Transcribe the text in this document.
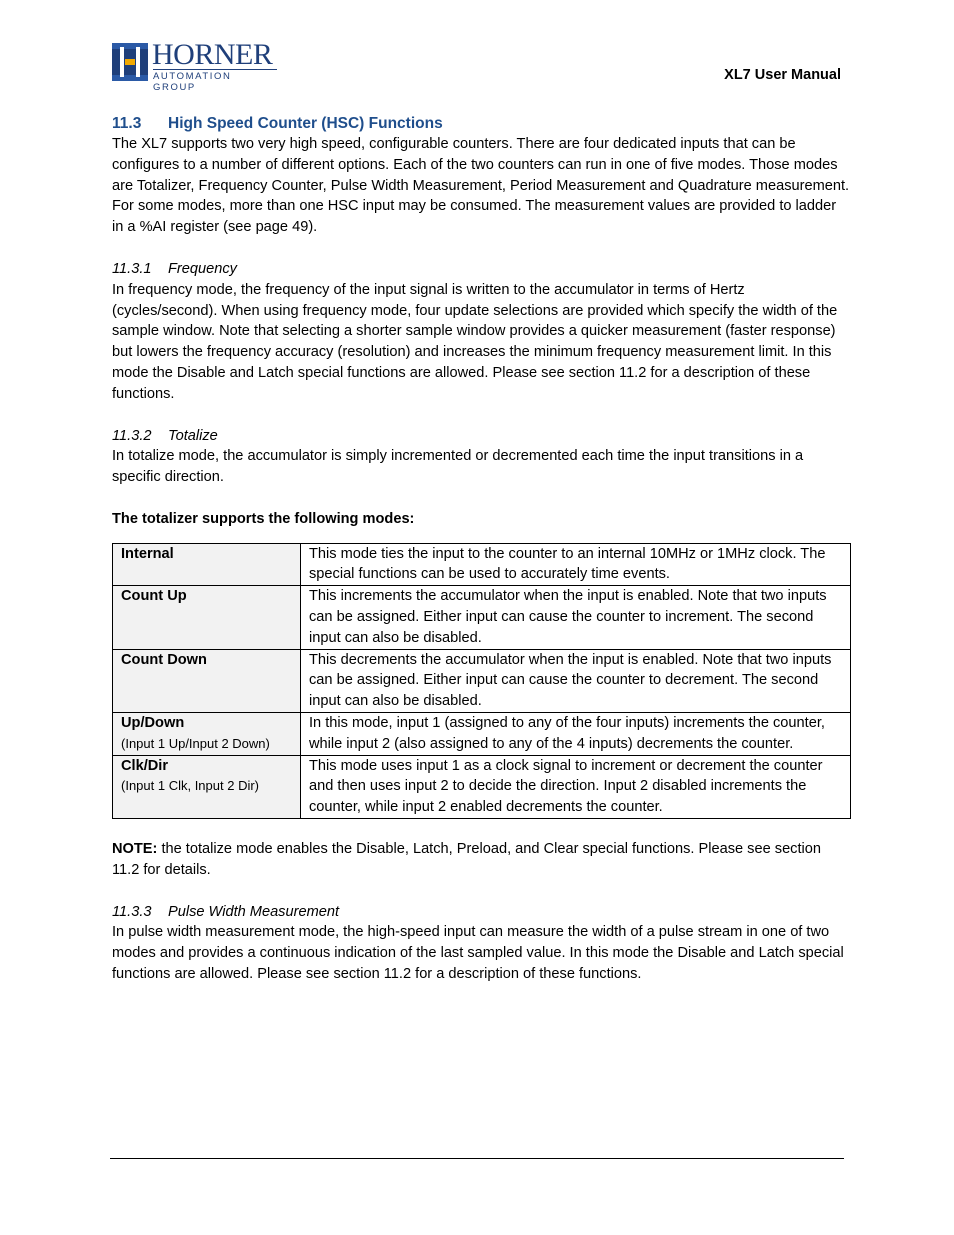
HORNER
AUTOMATION GROUP
XL7 User Manual
11.3 High Speed Counter (HSC) Functions

The XL7 supports two very high speed, configurable counters. There are four dedicated inputs that can be configures to a number of different options. Each of the two counters can run in one of five modes. Those modes are Totalizer, Frequency Counter, Pulse Width Measurement, Period Measurement and Quadrature measurement. For some modes, more than one HSC input may be consumed. The measurement values are provided to ladder in a %AI register (see page 49).

11.3.1 Frequency

In frequency mode, the frequency of the input signal is written to the accumulator in terms of Hertz (cycles/second). When using frequency mode, four update selections are provided which specify the width of the sample window. Note that selecting a shorter sample window provides a quicker measurement (faster response) but lowers the frequency accuracy (resolution) and increases the minimum frequency measurement limit. In this mode the Disable and Latch special functions are allowed. Please see section 11.2 for a description of these functions.

11.3.2 Totalize

In totalize mode, the accumulator is simply incremented or decremented each time the input transitions in a specific direction.

The totalizer supports the following modes:

Internal	This mode ties the input to the counter to an internal 10MHz or 1MHz clock. The special functions can be used to accurately time events.
Count Up	This increments the accumulator when the input is enabled. Note that two inputs can be assigned. Either input can cause the counter to increment. The second input can also be disabled.
Count Down	This decrements the accumulator when the input is enabled. Note that two inputs can be assigned. Either input can cause the counter to decrement. The second input can also be disabled.
Up/Down
(Input 1 Up/Input 2 Down)	In this mode, input 1 (assigned to any of the four inputs) increments the counter, while input 2 (also assigned to any of the 4 inputs) decrements the counter.
Clk/Dir
(Input 1 Clk, Input 2 Dir)	This mode uses input 1 as a clock signal to increment or decrement the counter and then uses input 2 to decide the direction. Input 2 disabled increments the counter, while input 2 enabled decrements the counter.

NOTE: the totalize mode enables the Disable, Latch, Preload, and Clear special functions. Please see section 11.2 for details.

11.3.3 Pulse Width Measurement

In pulse width measurement mode, the high-speed input can measure the width of a pulse stream in one of two modes and provides a continuous indication of the last sampled value. In this mode the Disable and Latch special functions are allowed. Please see section 11.2 for a description of these functions.
